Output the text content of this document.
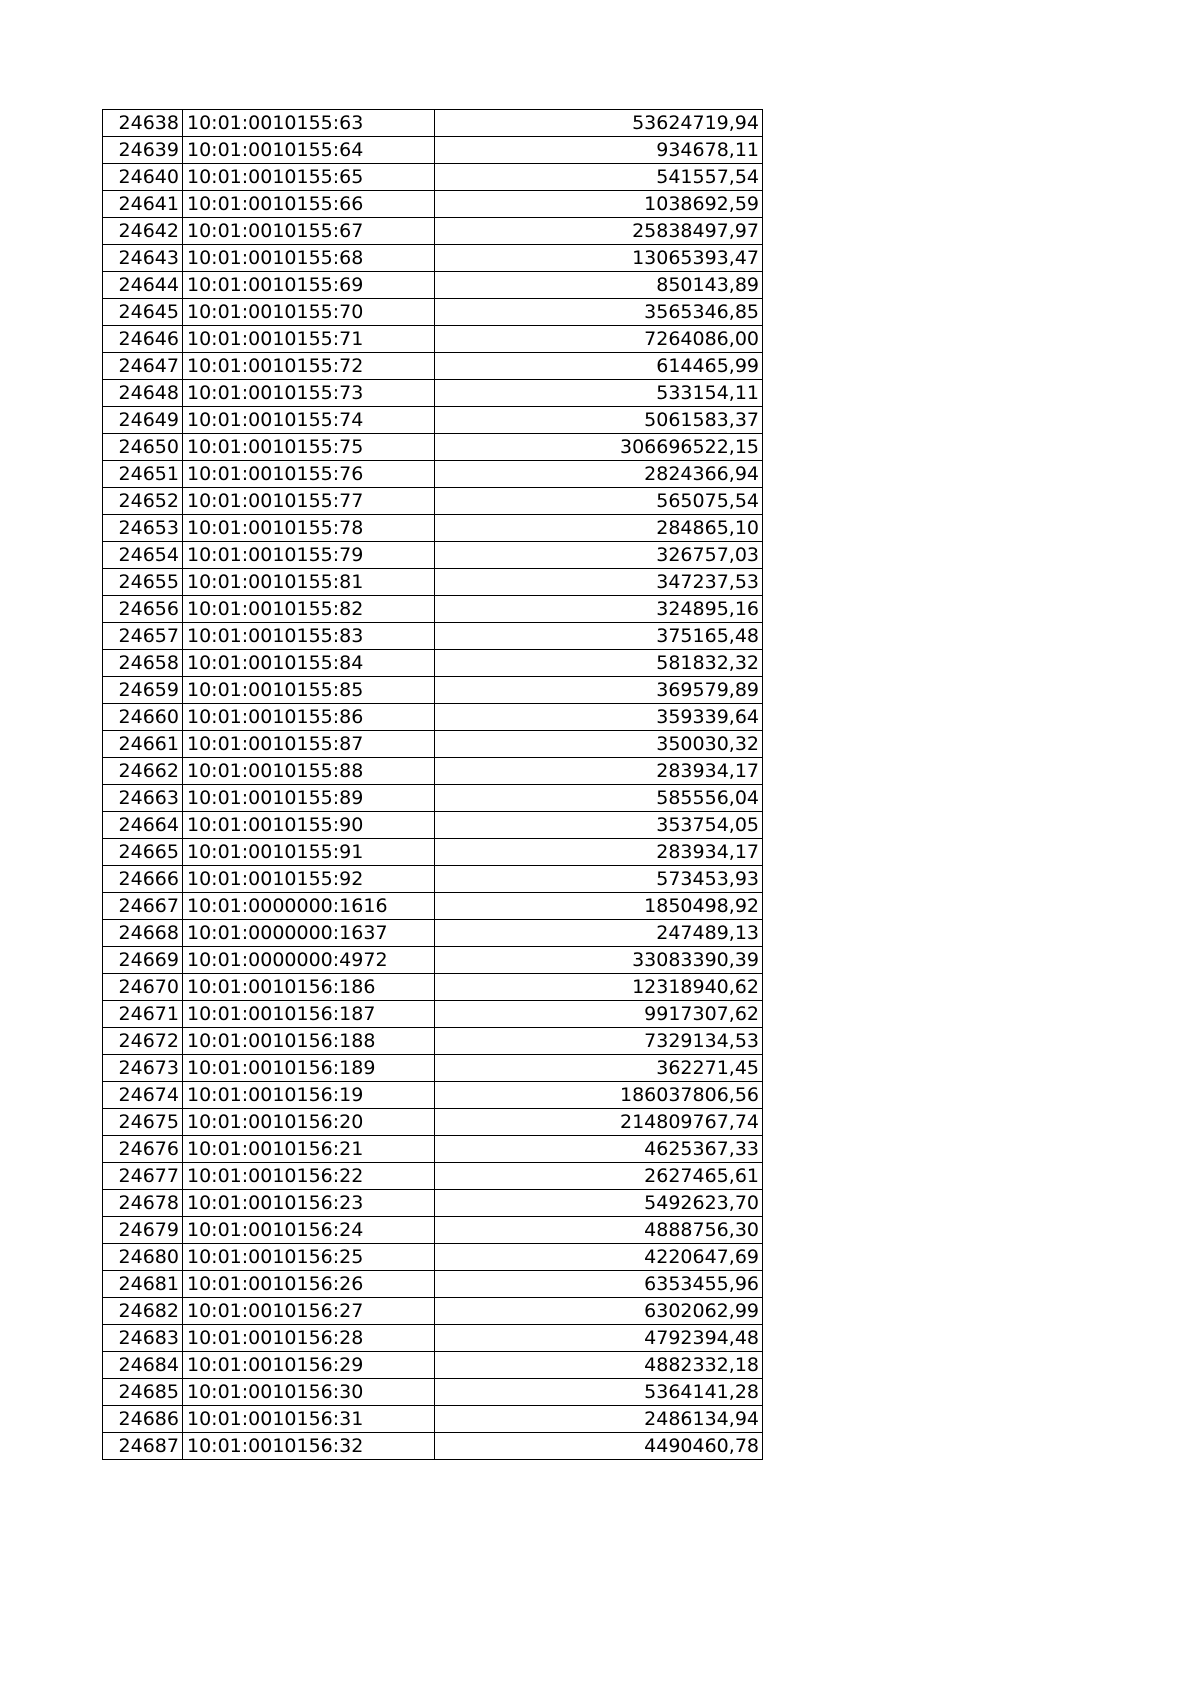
24638	10:01:0010155:63	53624719,94
24639	10:01:0010155:64	934678,11
24640	10:01:0010155:65	541557,54
24641	10:01:0010155:66	1038692,59
24642	10:01:0010155:67	25838497,97
24643	10:01:0010155:68	13065393,47
24644	10:01:0010155:69	850143,89
24645	10:01:0010155:70	3565346,85
24646	10:01:0010155:71	7264086,00
24647	10:01:0010155:72	614465,99
24648	10:01:0010155:73	533154,11
24649	10:01:0010155:74	5061583,37
24650	10:01:0010155:75	306696522,15
24651	10:01:0010155:76	2824366,94
24652	10:01:0010155:77	565075,54
24653	10:01:0010155:78	284865,10
24654	10:01:0010155:79	326757,03
24655	10:01:0010155:81	347237,53
24656	10:01:0010155:82	324895,16
24657	10:01:0010155:83	375165,48
24658	10:01:0010155:84	581832,32
24659	10:01:0010155:85	369579,89
24660	10:01:0010155:86	359339,64
24661	10:01:0010155:87	350030,32
24662	10:01:0010155:88	283934,17
24663	10:01:0010155:89	585556,04
24664	10:01:0010155:90	353754,05
24665	10:01:0010155:91	283934,17
24666	10:01:0010155:92	573453,93
24667	10:01:0000000:1616	1850498,92
24668	10:01:0000000:1637	247489,13
24669	10:01:0000000:4972	33083390,39
24670	10:01:0010156:186	12318940,62
24671	10:01:0010156:187	9917307,62
24672	10:01:0010156:188	7329134,53
24673	10:01:0010156:189	362271,45
24674	10:01:0010156:19	186037806,56
24675	10:01:0010156:20	214809767,74
24676	10:01:0010156:21	4625367,33
24677	10:01:0010156:22	2627465,61
24678	10:01:0010156:23	5492623,70
24679	10:01:0010156:24	4888756,30
24680	10:01:0010156:25	4220647,69
24681	10:01:0010156:26	6353455,96
24682	10:01:0010156:27	6302062,99
24683	10:01:0010156:28	4792394,48
24684	10:01:0010156:29	4882332,18
24685	10:01:0010156:30	5364141,28
24686	10:01:0010156:31	2486134,94
24687	10:01:0010156:32	4490460,78
